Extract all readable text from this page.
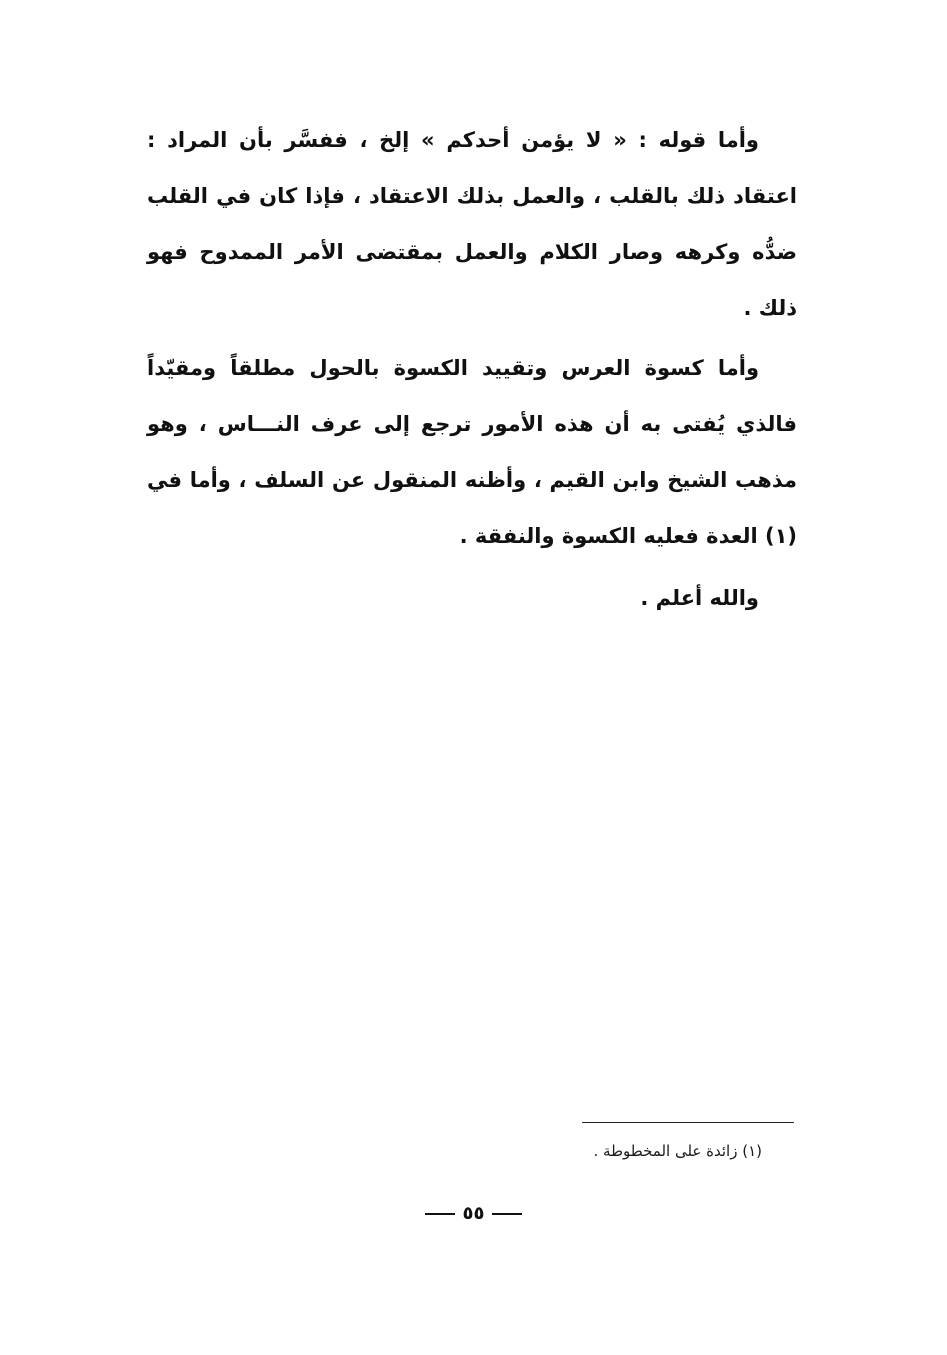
وأما قوله : « لا يؤمن أحدكم » إلخ ، ففسَّر بأن المراد : اعتقاد ذلك بالقلب ، والعمل بذلك الاعتقاد ، فإذا كان في القلب ضدُّه وكرهه وصار الكلام والعمل بمقتضى الأمر الممدوح فهو ذلك .

وأما كسوة العرس وتقييد الكسوة بالحول مطلقاً ومقيّداً فالذي يُفتى به أن هذه الأمور ترجع إلى عرف النـــاس ، وهو مذهب الشيخ وابن القيم ، وأظنه المنقول عن السلف ، وأما في (١) العدة فعليه الكسوة والنفقة .

والله أعلم .

(١) زائدة على المخطوطة .
٥٥
